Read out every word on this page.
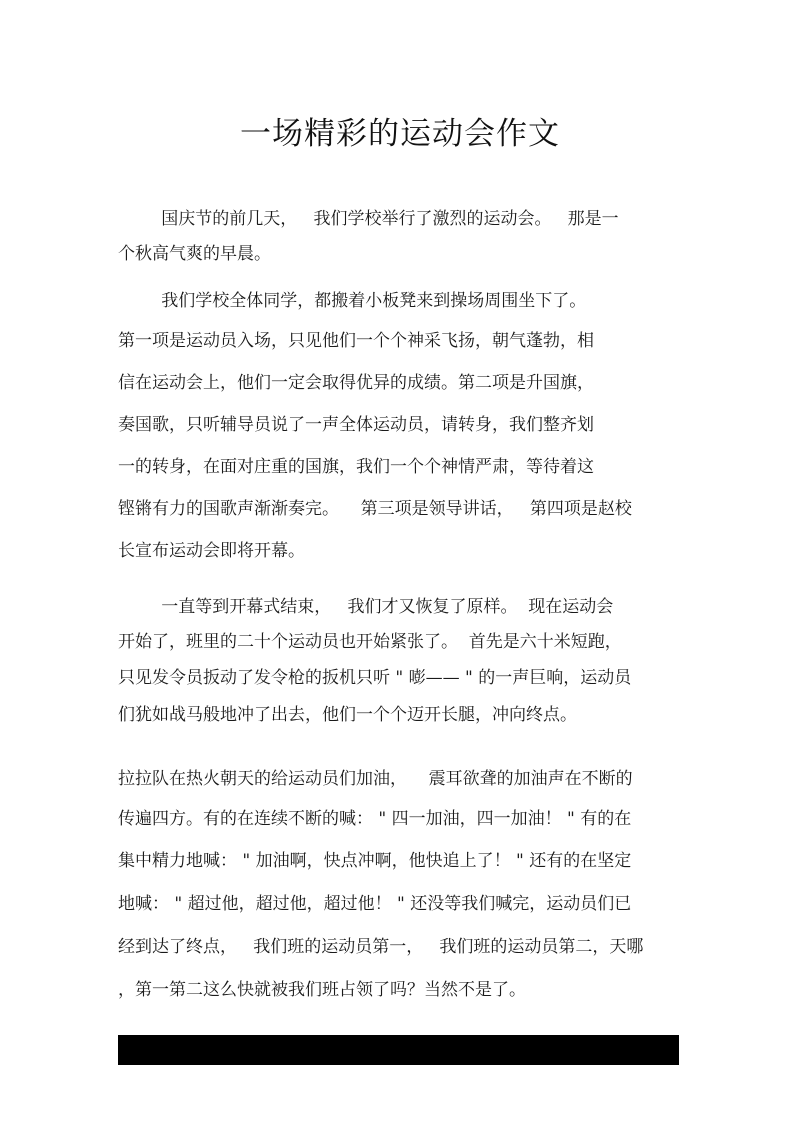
一场精彩的运动会作文
国庆节的前几天，   我们学校举行了激烈的运动会。   那是一
个秋高气爽的早晨。
我们学校全体同学，都搬着小板凳来到操场周围坐下了。
第一项是运动员入场，只见他们一个个神采飞扬，朝气蓬勃，相
信在运动会上，他们一定会取得优异的成绩。第二项是升国旗，
奏国歌，只听辅导员说了一声全体运动员，请转身，我们整齐划
一的转身，在面对庄重的国旗，我们一个个神情严肃，等待着这
铿锵有力的国歌声渐渐奏完。    第三项是领导讲话，   第四项是赵校
长宣布运动会即将开幕。
一直等到开幕式结束，   我们才又恢复了原样。  现在运动会
开始了，班里的二十个运动员也开始紧张了。  首先是六十米短跑，
只见发令员扳动了发令枪的扳机只听 " 嘭—— " 的一声巨响，运动员
们犹如战马般地冲了出去，他们一个个迈开长腿，冲向终点。
拉拉队在热火朝天的给运动员们加油，    震耳欲聋的加油声在不断的
传遍四方。有的在连续不断的喊： " 四一加油，四一加油！ " 有的在
集中精力地喊： " 加油啊，快点冲啊，他快追上了！ " 还有的在坚定
地喊： " 超过他，超过他，超过他！ " 还没等我们喊完，运动员们已
经到达了终点，   我们班的运动员第一，   我们班的运动员第二，天哪
，第一第二这么快就被我们班占领了吗？当然不是了。
